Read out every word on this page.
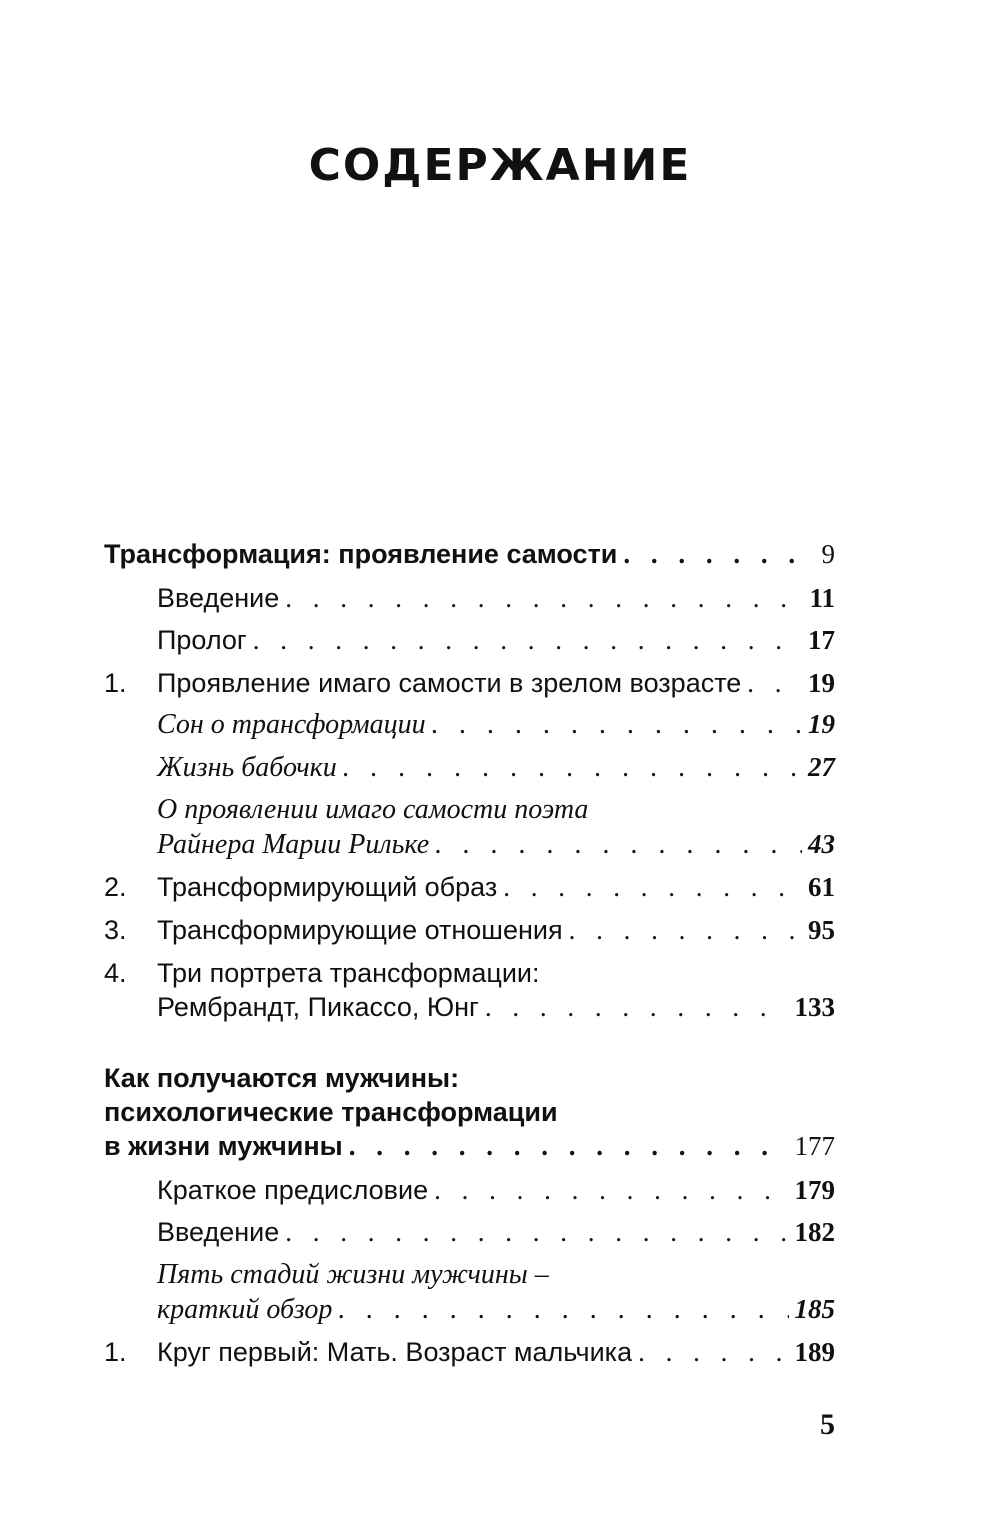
СОДЕРЖАНИЕ
Трансформация: проявление самости . . .	9
Введение . . .	11
Пролог . . .	17
1. Проявление имаго самости в зрелом возрасте . . . 19
Сон о трансформации . . .	19
Жизнь бабочки . . .	27
О проявлении имаго самости поэта
Райнера Марии Рильке . . .	43
2. Трансформирующий образ . . .	61
3. Трансформирующие отношения . . .	95
4. Три портрета трансформации:
Рембрандт, Пикассо, Юнг . . .	133
Как получаются мужчины:
психологические трансформации
в жизни мужчины . . .	177
Краткое предисловие . . .	179
Введение . . .	182
Пять стадий жизни мужчины –
краткий обзор . . .	185
1. Круг первый: Мать. Возраст мальчика . . .	189
5
